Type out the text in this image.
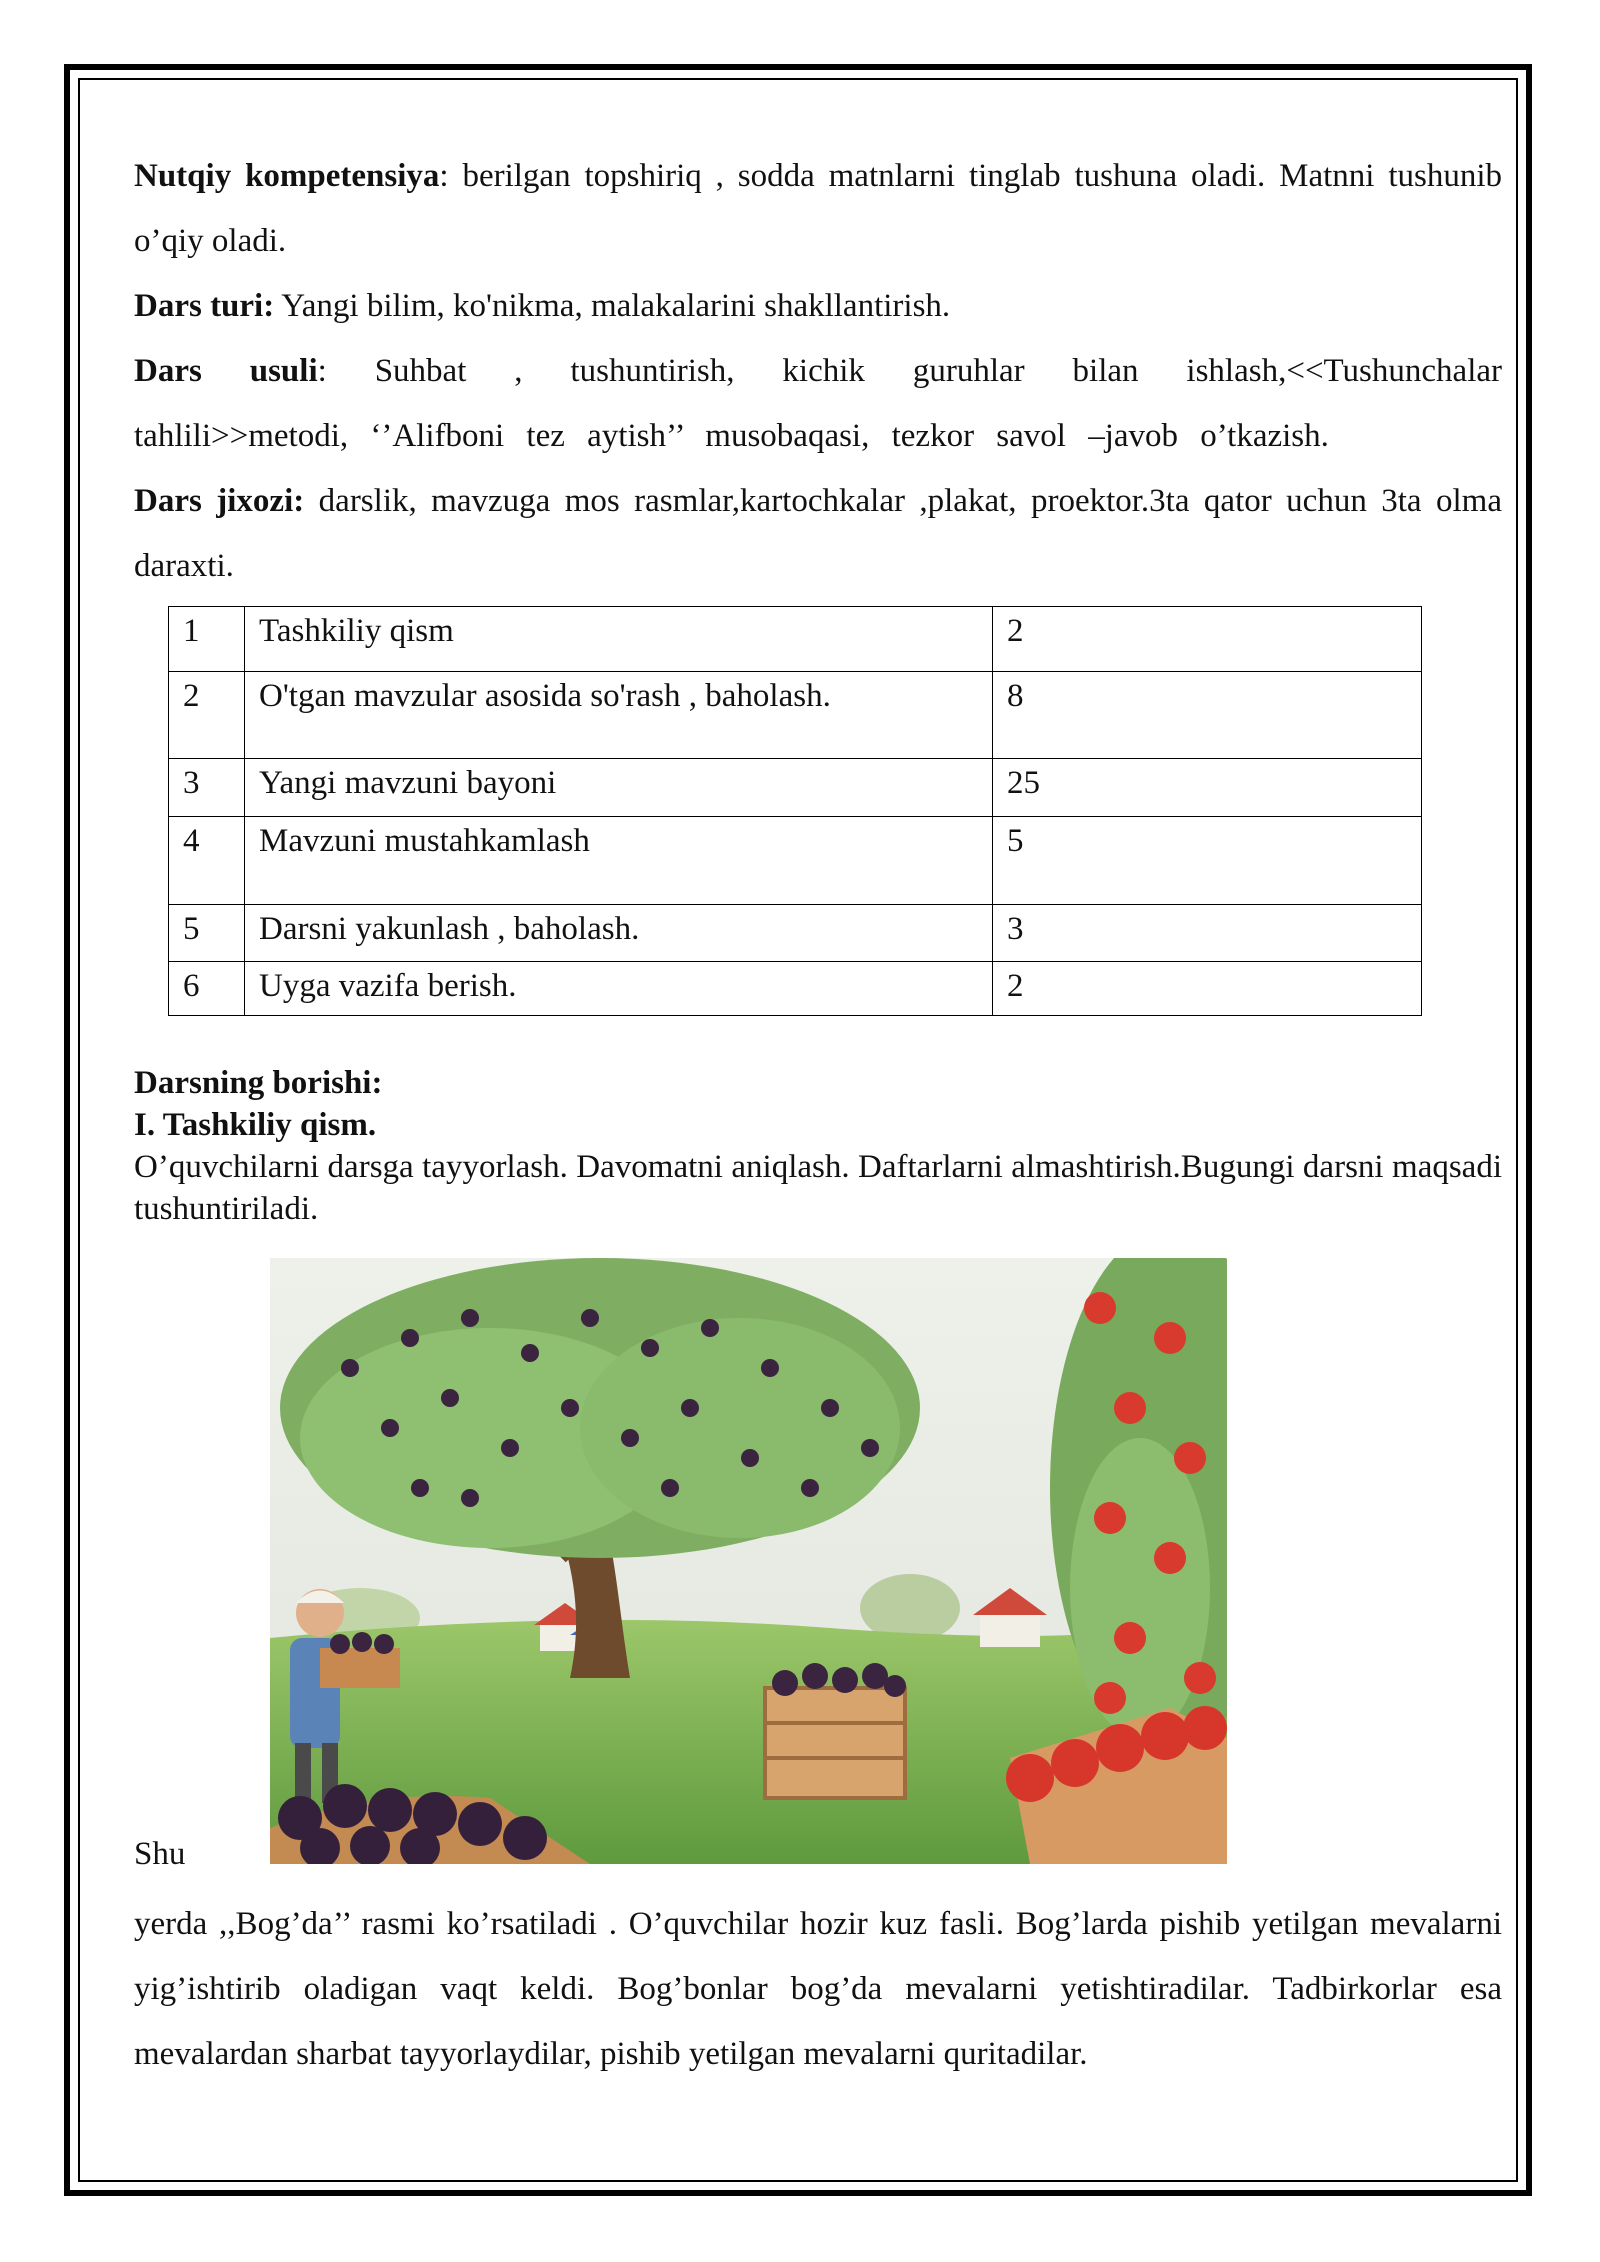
Nutqiy kompetensiya: berilgan topshiriq , sodda matnlarni tinglab tushuna oladi. Matnni tushunib o’qiy oladi.

Dars turi: Yangi bilim, ko'nikma, malakalarini shakllantirish.

Dars usuli: Suhbat , tushuntirish, kichik guruhlar bilan ishlash,<<Tushunchalar tahlili>>metodi, ‘’Alifboni tez aytish’’ musobaqasi, tezkor savol –javob o’tkazish.

Dars jixozi: darslik, mavzuga mos rasmlar,kartochkalar ,plakat, proektor.3ta qator uchun 3ta olma daraxti.

1	Tashkiliy qism	2
2	O'tgan mavzular asosida so'rash , baholash.	8
3	Yangi mavzuni bayoni	25
4	Mavzuni mustahkamlash	5
5	Darsni yakunlash , baholash.	3
6	Uyga vazifa berish.	2

Darsning borishi:

I. Tashkiliy qism.

O’quvchilarni darsga tayyorlash. Davomatni aniqlash. Daftarlarni almashtirish.Bugungi darsni maqsadi tushuntiriladi.

Shu

yerda ,,Bog’da’’ rasmi ko’rsatiladi . O’quvchilar hozir kuz fasli. Bog’larda pishib yetilgan mevalarni yig’ishtirib oladigan vaqt keldi. Bog’bonlar bog’da mevalarni yetishtiradilar. Tadbirkorlar esa mevalardan sharbat tayyorlaydilar, pishib yetilgan mevalarni quritadilar.
